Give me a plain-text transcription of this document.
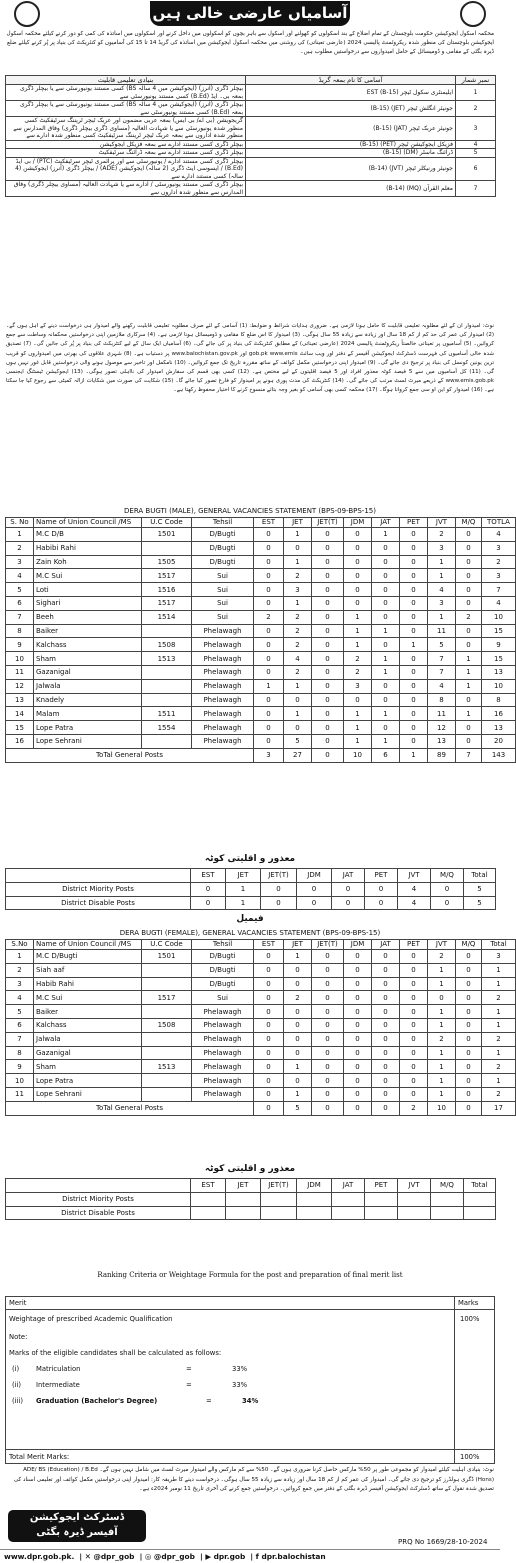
آسامیاں عارضی خالی ہیں
محکمہ اسکول ایجوکیشن حکومت بلوچستان کے تمام اضلاع کے بند اسکولوں کو کھولنے اور اسکول سے باہر بچوں کو اسکولوں میں داخل کرنے اور اسکولوں میں اساتذہ کی کمی کو دور کرنے کیلئے محکمہ اسکول ایجوکیشن بلوچستان کی منظور شدہ ریکروٹمنٹ پالیسی 2024 (عارضی تعیناتی) کی روشنی میں محکمہ اسکول ایجوکیشن میں اساتذہ کی گریڈ 14 تا 15 کی آسامیوں کو کنٹریکٹ کی بنیاد پر پُر کرنے کیلئے ضلع ڈیرہ بگٹی کے مقامی و ڈومیسائل کے حامل امیدواروں سے درخواستیں مطلوب ہیں۔
بنیادی تعلیمی قابلیت	آسامی کا نام بمعہ گریڈ	نمبر شمار
بیچلر ڈگری (آنرز) (ایجوکیشن میں 4 سالہ BS) کسی مستند یونیورسٹی سے یا بیچلر ڈگری بمعہ بی۔ ایڈ (B.Ed) کسی مستند یونیورسٹی سے	ایلیمنٹری سکول ٹیچر (EST (B-15	1
بیچلر ڈگری (آنرز) (ایجوکیشن میں 4 سالہ BS) کسی مستند یونیورسٹی سے یا بیچلر ڈگری بمعہ (B.Ed) کسی مستند یونیورسٹی سے	جونیئر انگلش ٹیچر (JET) (B-15)	2
گریجویشن (بی اے/ بی ایس) بمعہ عربی مضمون اور عربک ٹیچر ٹریننگ سرٹیفکیٹ کسی منظور شدہ یونیورسٹی سے یا شہادت العالیہ (مساوی ڈگری بیچلر ڈگری) وفاق المدارس سے منظور شدہ اداروں سے بمعہ عربک ٹیچر ٹریننگ سرٹیفکیٹ کسی منظور شدہ ادارے سے	جونیئر عربک ٹیچر (JAT) (B-15)	3
بیچلر ڈگری کسی مستند ادارے سے بمعہ فزیکل ایجوکیشن	فزیکل ایجوکیشن ٹیچر (PET) (B-15)	4
بیچلر ڈگری کسی مستند ادارے سے بمعہ ڈرائنگ سرٹیفکیٹ	ڈرائنگ ماسٹر (DM) (B-15)	5
بیچلر ڈگری کسی مستند ادارے / یونیورسٹی سے اور پرائمری ٹیچر سرٹیفکیٹ (PTC) / بی ایڈ (B.Ed) / ایسوسی ایٹ ڈگری (2 سالہ) ایجوکیشن (ADE) / بیچلر ڈگری (آنرز) ایجوکیشن (4 سالہ) کسی مستند ادارے سے	جونیئر ورنیکلر ٹیچر (JVT) (B-14)	6
بیچلر ڈگری کسی مستند یونیورسٹی / ادارے سے یا شہادت العالیہ (مساوی بیچلر ڈگری) وفاق المدارس سے منظور شدہ اداروں سے	معلم القرآن (MQ) (B-14)	7
نوٹ: امیدوار ان کے لئے مطلوبہ تعلیمی قابلیت کا حامل ہونا لازمی ہے۔ ضروری ہدایات شرائط و ضوابط: (1) آسامی کے لئے صرف مطلوبہ تعلیمی قابلیت رکھنے والے امیدوار ہی درخواست دینے کے اہل ہوں گے۔ (2) امیدوار کی عمر کی حد کم از کم 18 سال اور زیادہ سے زیادہ 55 سال ہوگی۔ (3) امیدوار کا اس ضلع کا مقامی و ڈومیسائل ہونا لازمی ہے۔ (4) سرکاری ملازمین اپنی درخواستیں محکمانہ وساطت سے جمع کروائیں۔ (5) آسامیوں پر تعیناتی خالصتاً ریکروٹمنٹ پالیسی 2024 (عارضی تعیناتی) کے مطابق کنٹریکٹ کی بنیاد پر کی جائے گی۔ (6) آسامیاں ایک سال کے لیے کنٹریکٹ کی بنیاد پر پُر کی جائیں گی۔ (7) تصدیق شدہ خالی آسامیوں کی فہرست ڈسٹرکٹ ایجوکیشن آفیسر کے دفتر اور ویب سائٹ gob.pk www.emis اور www.balochistan.gov.pk پر دستیاب ہے۔ (8) شہری علاقوں کی بھرتی میں امیدواروں کو قریب ترین یونین کونسل کی بنیاد پر ترجیح دی جائے گی۔ (9) امیدوار اپنی درخواستیں مکمل کوائف کے ساتھ مقررہ تاریخ تک جمع کروائیں۔ (10) نامکمل اور تاخیر سے موصول ہونے والی درخواستیں قابل غور نہیں ہوں گی۔ (11) کل آسامیوں میں سے 5 فیصد کوٹہ معذور افراد اور 5 فیصد اقلیتوں کے لیے مختص ہے۔ (12) کسی بھی قسم کی سفارش امیدوار کی نااہلی تصور ہوگی۔ (13) ایجوکیشن ٹیسٹنگ ایجنسی www.emis.gob.pk کے ذریعے میرٹ لسٹ مرتب کی جائے گی۔ (14) کنٹریکٹ کی مدت پوری ہونے پر امیدوار کو فارغ تصور کیا جائے گا۔ (15) شکایت کی صورت میں شکایات ازالہ کمیٹی سے رجوع کیا جا سکتا ہے۔ (16) امیدوار کو این او سی جمع کروانا ہوگا۔ (17) محکمہ کسی بھی آسامی کو بغیر وجہ بتائے منسوخ کرنے کا اختیار محفوظ رکھتا ہے۔
DERA BUGTI (MALE), GENERAL VACANCIES STATEMENT (BPS-09-BPS-15)
S. No	Name of Union Council /MS	U.C Code	Tehsil	EST	JET	JET(T)	JDM	JAT	PET	JVT	M/Q	TOTLA
1	M.C D/B	1501	D/Bugti	0	1	0	0	1	0	2	0	4
2	Habibi Rahi		D/Bugti	0	0	0	0	0	0	3	0	3
3	Zain Koh	1505	D/Bugti	0	1	0	0	0	0	1	0	2
4	M.C Sui	1517	Sui	0	2	0	0	0	0	1	0	3
5	Loti	1516	Sui	0	3	0	0	0	0	4	0	7
6	Sighari	1517	Sui	0	1	0	0	0	0	3	0	4
7	Beeh	1514	Sui	2	2	0	1	0	0	1	2	10
8	Baiker		Phelawagh	0	2	0	1	1	0	11	0	15
9	Kalchass	1508	Phelawagh	0	2	0	1	0	1	5	0	9
10	Sham	1513	Phelawagh	0	4	0	2	1	0	7	1	15
11	Gazanigal		Phelawagh	0	2	0	2	1	0	7	1	13
12	Jalwala		Phelawagh	1	1	0	3	0	0	4	1	10
13	Knadely		Phelawagh	0	0	0	0	0	0	8	0	8
14	Malam	1511	Phelawagh	0	1	0	1	1	0	11	1	16
15	Lope Patra	1554	Phelawagh	0	0	0	1	0	0	12	0	13
16	Lope Sehrani		Phelawagh	0	5	0	1	1	0	13	0	20
ToTal General Posts				3	27	0	10	6	1	89	7	143
معذور و اقلیتی کوٹہ
	EST	JET	JET(T)	JDM	JAT	PET	JVT	M/Q	Total
District Miority Posts	0	1	0	0	0	0	4	0	5
District Disable Posts	0	1	0	0	0	0	4	0	5
فیمیل
DERA BUGTI (FEMALE), GENERAL VACANCIES STATEMENT (BPS-09-BPS-15)
S.No	Name of Union Council /MS	U.C Code	Tehsil	EST	JET	JET(T)	JDM	JAT	PET	JVT	M/Q	Total
1	M.C D/Bugti	1501	D/Bugti	0	1	0	0	0	0	2	0	3
2	Siah aaf		D/Bugti	0	0	0	0	0	0	1	0	1
3	Habib Rahi		D/Bugti	0	0	0	0	0	0	1	0	1
4	M.C Sui	1517	Sui	0	2	0	0	0	0	0	0	2
5	Baiker		Phelawagh	0	0	0	0	0	0	1	0	1
6	Kalchass	1508	Phelawagh	0	0	0	0	0	0	1	0	1
7	Jalwala		Phelawagh	0	0	0	0	0	0	2	0	2
8	Gazanigal		Phelawagh	0	0	0	0	0	0	1	0	1
9	Sham	1513	Phelawagh	0	1	0	0	0	0	1	0	2
10	Lope Patra		Phelawagh	0	0	0	0	0	0	1	0	1
11	Lope Sehrani		Phelawagh	0	1	0	0	0	0	1	0	2
ToTal General Posts				0	5	0	0	0	2	10	0	17
معذور و اقلیتی کوٹہ
	EST	JET	JET(T)	JDM	JAT	PET	JVT	M/Q	Total
District Miority Posts									
District Disable Posts									
Ranking Criteria or Weightage Formula for the post and preparation of final merit list
Merit	Marks
Weightage of prescribed Academic Qualification	100%
Note:
Marks of the eligible candidates shall be calculated as follows:
(i) Matriculation	=	33%
(ii) Intermediate	=	33%
(iii) Graduation (Bachelor's Degree)	=	34%
Total Merit Marks:	100%
نوٹ: بنیادی اہلیت کیلئے امیدوار کو مجموعی طور پر 50% مارکس حاصل کرنا ضروری ہوں گے۔ 50% سے کم مارکس والے امیدوار میرٹ لسٹ میں شامل نہیں ہوں گے۔ ADE/ BS (Education) / B.Ed (Hons) ڈگری ہولڈرز کو ترجیح دی جائے گی۔ امیدوار کی عمر کم از کم 18 سال اور زیادہ سے زیادہ 55 سال ہوگی۔ درخواست دینے کا طریقہ کار: امیدوار اپنی درخواستیں مکمل کوائف اور تعلیمی اسناد کی تصدیق شدہ نقول کے ساتھ ڈسٹرکٹ ایجوکیشن آفیسر ڈیرہ بگٹی کے دفتر میں جمع کروائیں۔ درخواستیں جمع کرنے کی آخری تاریخ 11 نومبر 2024ء ہے۔
ڈسٹرکٹ ایجوکیشن
آفیسر ڈیرہ بگٹی
PRQ No 1669/28-10-2024
www.dpr.gob.pk.  | ✕ @dpr_gob  | ◎ @dpr_gob  | ▶ dpr.gob  | f dpr.balochistan
